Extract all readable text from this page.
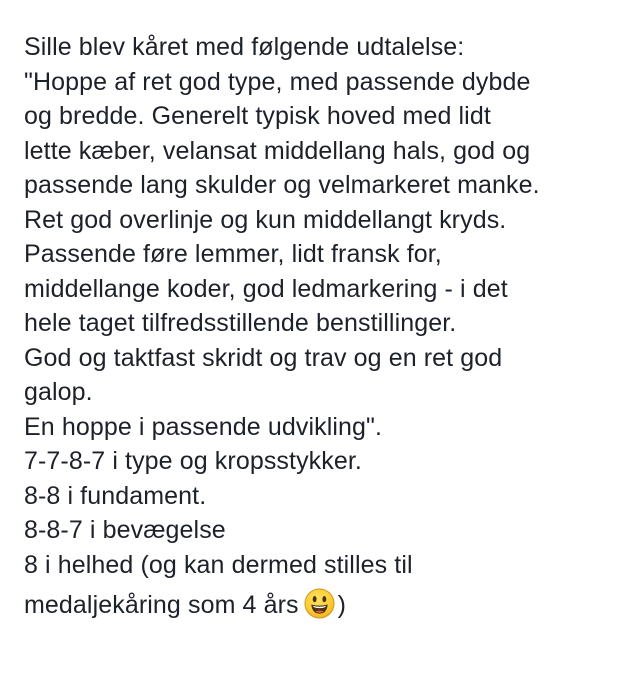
Sille blev kåret med følgende udtalelse:
"Hoppe af ret god type, med passende dybde
og bredde. Generelt typisk hoved med lidt
lette kæber, velansat middellang hals, god og
passende lang skulder og velmarkeret manke.
Ret god overlinje og kun middellangt kryds.
Passende føre lemmer, lidt fransk for,
middellange koder, god ledmarkering - i det
hele taget tilfredsstillende benstillinger.
God og taktfast skridt og trav og en ret god
galop.
En hoppe i passende udvikling".
7-7-8-7 i type og kropsstykker.
8-8 i fundament.
8-8-7 i bevægelse
8 i helhed (og kan dermed stilles til
medaljekåring som 4 års )
